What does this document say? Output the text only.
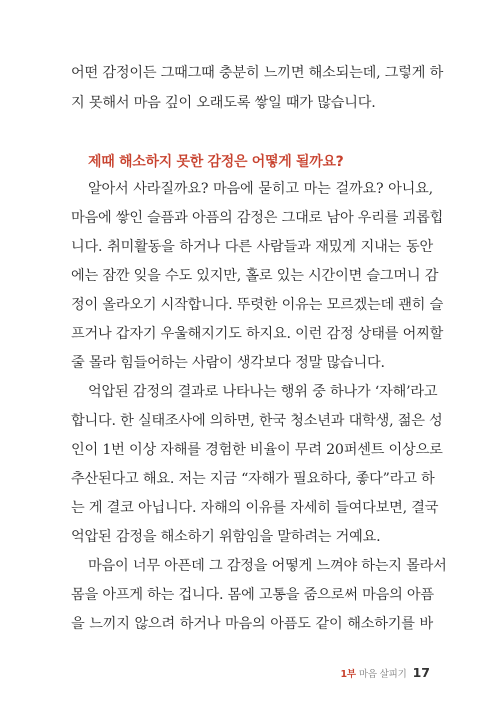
어떤 감정이든 그때그때 충분히 느끼면 해소되는데, 그렇게 하
지 못해서 마음 깊이 오래도록 쌓일 때가 많습니다.
제때 해소하지 못한 감정은 어떻게 될까요?
알아서 사라질까요? 마음에 묻히고 마는 걸까요? 아니요,
마음에 쌓인 슬픔과 아픔의 감정은 그대로 남아 우리를 괴롭힙
니다. 취미활동을 하거나 다른 사람들과 재밌게 지내는 동안
에는 잠깐 잊을 수도 있지만, 홀로 있는 시간이면 슬그머니 감
정이 올라오기 시작합니다. 뚜렷한 이유는 모르겠는데 괜히 슬
프거나 갑자기 우울해지기도 하지요. 이런 감정 상태를 어찌할
줄 몰라 힘들어하는 사람이 생각보다 정말 많습니다.
억압된 감정의 결과로 나타나는 행위 중 하나가 ‘자해’라고
합니다. 한 실태조사에 의하면, 한국 청소년과 대학생, 젊은 성
인이 1번 이상 자해를 경험한 비율이 무려 20퍼센트 이상으로
추산된다고 해요. 저는 지금 “자해가 필요하다, 좋다”라고 하
는 게 결코 아닙니다. 자해의 이유를 자세히 들여다보면, 결국
억압된 감정을 해소하기 위함임을 말하려는 거예요.
마음이 너무 아픈데 그 감정을 어떻게 느껴야 하는지 몰라서
몸을 아프게 하는 겁니다. 몸에 고통을 줌으로써 마음의 아픔
을 느끼지 않으려 하거나 마음의 아픔도 같이 해소하기를 바
1부 마음 살피기 17
